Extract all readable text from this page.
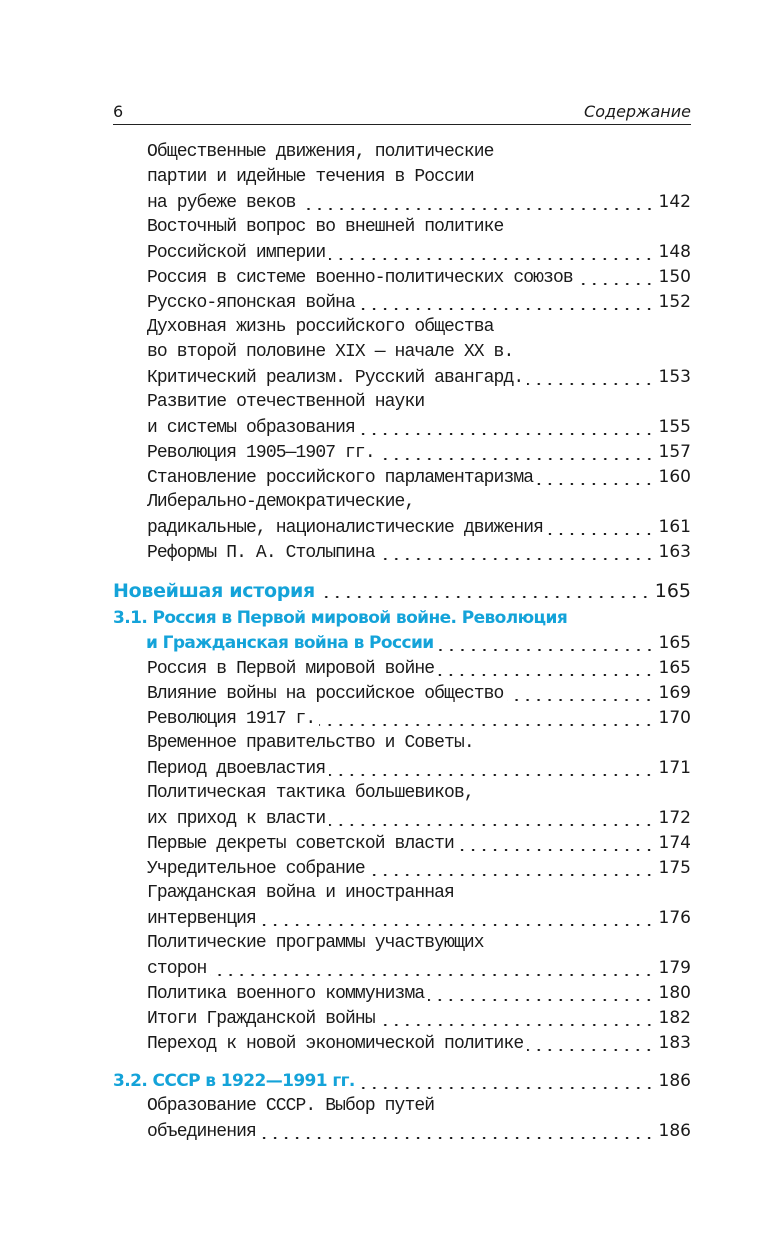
6	Содержание
Общественные движения, политические
партии и идейные течения в России
на рубеже веков	142
Восточный вопрос во внешней политике
Российской империи	148
Россия в системе военно-политических союзов	150
Русско-японская война	152
Духовная жизнь российского общества
во второй половине XIX — начале XX в.
Критический реализм. Русский авангард.	153
Развитие отечественной науки
и системы образования	155
Революция 1905—1907 гг.	157
Становление российского парламентаризма	160
Либерально-демократические,
радикальные, националистические движения	161
Реформы П. А. Столыпина	163
Новейшая история	165
3.1. Россия в Первой мировой войне. Революция
и Гражданская война в России	165
Россия в Первой мировой войне	165
Влияние войны на российское общество	169
Революция 1917 г.	170
Временное правительство и Советы.
Период двоевластия	171
Политическая тактика большевиков,
их приход к власти	172
Первые декреты советской власти	174
Учредительное собрание	175
Гражданская война и иностранная
интервенция	176
Политические программы участвующих
сторон	179
Политика военного коммунизма	180
Итоги Гражданской войны	182
Переход к новой экономической политике	183
3.2. СССР в 1922—1991 гг.	186
Образование СССР. Выбор путей
объединения	186
